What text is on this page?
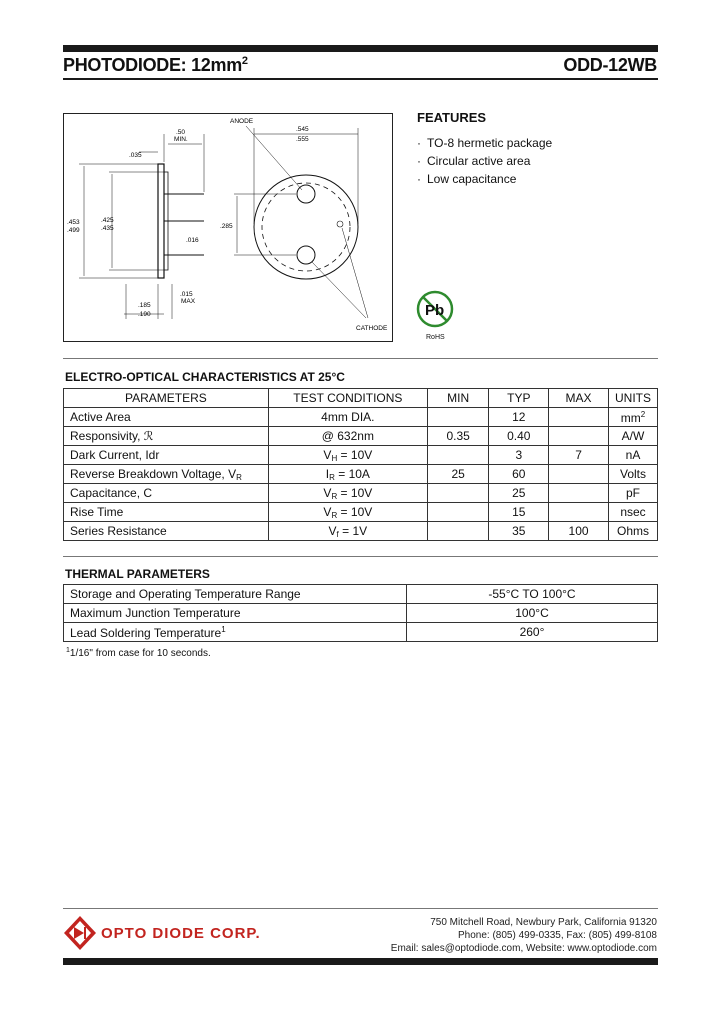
PHOTODIODE: $12mm^2$	ODD-12WB
.453
.499
.425
.435
.50
MIN.
.035
.016
.015
MAX
.185
.190
ANODE
.545
.555
.285
CATHODE
FEATURES
· TO-8 hermetic package
· Circular active area
· Low capacitance
Pb
RoHS
ELECTRO-OPTICAL CHARACTERISTICS AT 25°C
PARAMETERS	TEST CONDITIONS	MIN	TYP	MAX	UNITS
Active Area	4mm DIA.		12		$mm^2$
Responsivity, ℛ	@ 632nm	0.35	0.40		A/W
Dark Current, Idr	$V_H = 10V$		3	7	nA
Reverse Breakdown Voltage, $V_R$	$I_R = 10A$	25	60		Volts
Capacitance, C	$V_R = 10V$		25		pF
Rise Time	$V_R = 10V$		15		nsec
Series Resistance	$V_f = 1V$		35	100	Ohms
THERMAL PARAMETERS
Storage and Operating Temperature Range	-55°C TO 100°C
Maximum Junction Temperature	100°C
Lead Soldering Temperature$^1$	260°
$^1$1/16" from case for 10 seconds.
OPTO DIODE CORP.
750 Mitchell Road, Newbury Park, California 91320
Phone: (805) 499-0335, Fax: (805) 499-8108
Email: sales@optodiode.com, Website: www.optodiode.com
